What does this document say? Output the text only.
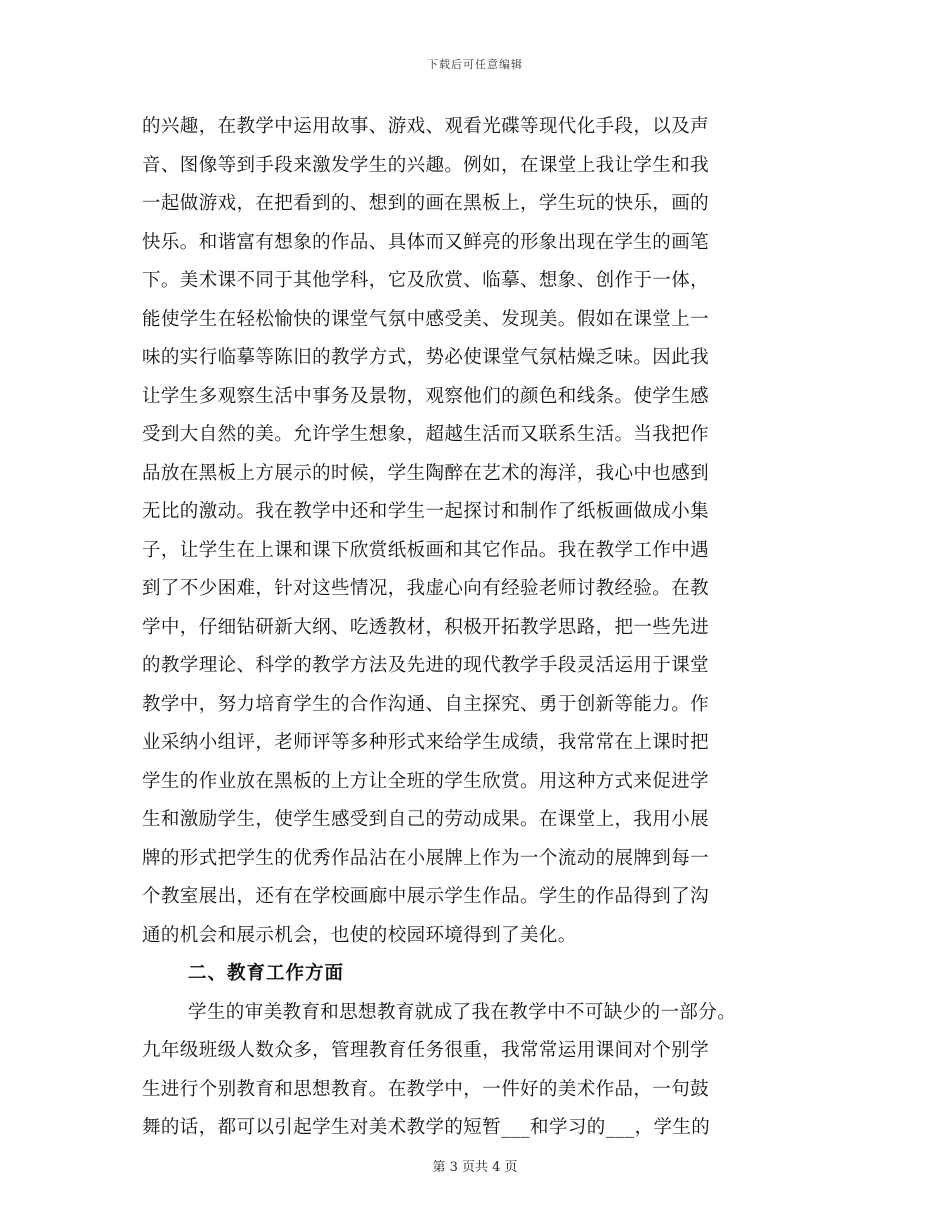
下载后可任意编辑
的兴趣，在教学中运用故事、游戏、观看光碟等现代化手段，以及声
音、图像等到手段来激发学生的兴趣。例如，在课堂上我让学生和我
一起做游戏，在把看到的、想到的画在黑板上，学生玩的快乐，画的
快乐。和谐富有想象的作品、具体而又鲜亮的形象出现在学生的画笔
下。美术课不同于其他学科，它及欣赏、临摹、想象、创作于一体，
能使学生在轻松愉快的课堂气氛中感受美、发现美。假如在课堂上一
味的实行临摹等陈旧的教学方式，势必使课堂气氛枯燥乏味。因此我
让学生多观察生活中事务及景物，观察他们的颜色和线条。使学生感
受到大自然的美。允许学生想象，超越生活而又联系生活。当我把作
品放在黑板上方展示的时候，学生陶醉在艺术的海洋，我心中也感到
无比的激动。我在教学中还和学生一起探讨和制作了纸板画做成小集
子，让学生在上课和课下欣赏纸板画和其它作品。我在教学工作中遇
到了不少困难，针对这些情况，我虚心向有经验老师讨教经验。在教
学中，仔细钻研新大纲、吃透教材，积极开拓教学思路，把一些先进
的教学理论、科学的教学方法及先进的现代教学手段灵活运用于课堂
教学中，努力培育学生的合作沟通、自主探究、勇于创新等能力。作
业采纳小组评，老师评等多种形式来给学生成绩，我常常在上课时把
学生的作业放在黑板的上方让全班的学生欣赏。用这种方式来促进学
生和激励学生，使学生感受到自己的劳动成果。在课堂上，我用小展
牌的形式把学生的优秀作品沾在小展牌上作为一个流动的展牌到每一
个教室展出，还有在学校画廊中展示学生作品。学生的作品得到了沟
通的机会和展示机会，也使的校园环境得到了美化。
二、教育工作方面
学生的审美教育和思想教育就成了我在教学中不可缺少的一部分。
九年级班级人数众多，管理教育任务很重，我常常运用课间对个别学
生进行个别教育和思想教育。在教学中，一件好的美术作品，一句鼓
舞的话，都可以引起学生对美术教学的短暂___和学习的___，学生的
第 3 页共 4 页
